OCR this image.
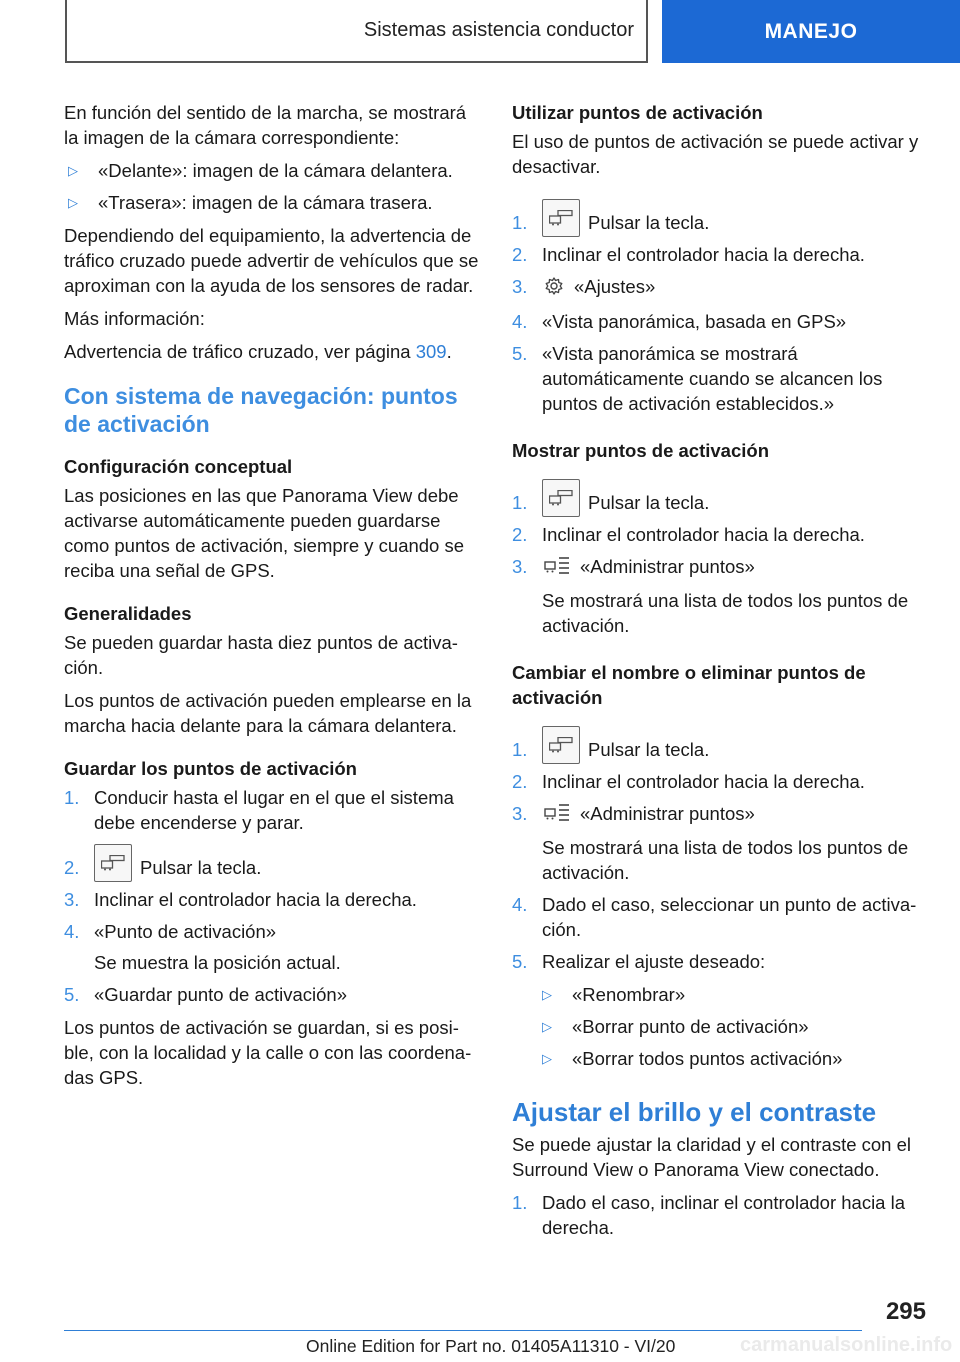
Sistemas asistencia conductor	MANEJO

En función del sentido de la marcha, se mostrará la imagen de la cámara correspondiente:

▷	«Delante»: imagen de la cámara delantera.
▷	«Trasera»: imagen de la cámara trasera.

Dependiendo del equipamiento, la advertencia de tráfico cruzado puede advertir de vehículos que se aproximan con la ayuda de los sensores de radar.

Más información:

Advertencia de tráfico cruzado, ver página 309.

Con sistema de navegación: puntos de activación
Configuración conceptual

Las posiciones en las que Panorama View debe activarse automáticamente pueden guardarse como puntos de activación, siempre y cuando se reciba una señal de GPS.

Generalidades

Se pueden guardar hasta diez puntos de activa-ción.

Los puntos de activación pueden emplearse en la marcha hacia delante para la cámara delantera.

Guardar los puntos de activación
1. Conducir hasta el lugar en el que el sistema debe encenderse y parar.
2.	Pulsar la tecla.
3. Inclinar el controlador hacia la derecha.
4. «Punto de activación»
Se muestra la posición actual.
5. «Guardar punto de activación»

Los puntos de activación se guardan, si es posi-ble, con la localidad y la calle o con las coordena-das GPS.

Utilizar puntos de activación

El uso de puntos de activación se puede activar y desactivar.

1.	Pulsar la tecla.
2. Inclinar el controlador hacia la derecha.
3.	«Ajustes»
4. «Vista panorámica, basada en GPS»
5. «Vista panorámica se mostrará automáticamente cuando se alcancen los puntos de activación establecidos.»
Mostrar puntos de activación
1.	Pulsar la tecla.
2. Inclinar el controlador hacia la derecha.
3.	«Administrar puntos»
Se mostrará una lista de todos los puntos de activación.
Cambiar el nombre o eliminar puntos de activación
1.	Pulsar la tecla.
2. Inclinar el controlador hacia la derecha.
3.	«Administrar puntos»
Se mostrará una lista de todos los puntos de activación.
4. Dado el caso, seleccionar un punto de activa-ción.
5. Realizar el ajuste deseado:
▷	«Renombrar»
▷	«Borrar punto de activación»
▷	«Borrar todos puntos activación»
Ajustar el brillo y el contraste

Se puede ajustar la claridad y el contraste con el Surround View o Panorama View conectado.

1. Dado el caso, inclinar el controlador hacia la derecha.
295
Online Edition for Part no. 01405A11310 - VI/20	carmanualsonline.info
